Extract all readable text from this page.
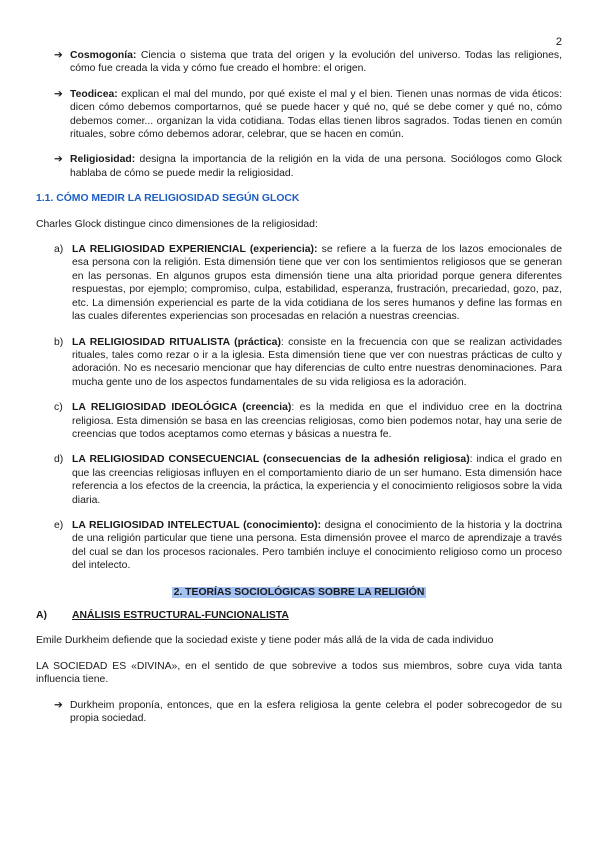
2
➔ Cosmogonía: Ciencia o sistema que trata del origen y la evolución del universo. Todas las religiones, cómo fue creada la vida y cómo fue creado el hombre: el origen.
➔ Teodicea: explican el mal del mundo, por qué existe el mal y el bien. Tienen unas normas de vida éticos: dicen cómo debemos comportarnos, qué se puede hacer y qué no, qué se debe comer y qué no, cómo debemos comer... organizan la vida cotidiana. Todas ellas tienen libros sagrados. Todas tienen en común rituales, sobre cómo debemos adorar, celebrar, que se hacen en común.
➔ Religiosidad: designa la importancia de la religión en la vida de una persona. Sociólogos como Glock hablaba de cómo se puede medir la religiosidad.
1.1. CÓMO MEDIR LA RELIGIOSIDAD SEGÚN GLOCK

Charles Glock distingue cinco dimensiones de la religiosidad:

a) LA RELIGIOSIDAD EXPERIENCIAL (experiencia): se refiere a la fuerza de los lazos emocionales de esa persona con la religión. Esta dimensión tiene que ver con los sentimientos religiosos que se generan en las personas. En algunos grupos esta dimensión tiene una alta prioridad porque genera diferentes respuestas, por ejemplo; compromiso, culpa, estabilidad, esperanza, frustración, precariedad, gozo, paz, etc. La dimensión experiencial es parte de la vida cotidiana de los seres humanos y define las formas en las cuales diferentes experiencias son procesadas en relación a nuestras creencias.
b) LA RELIGIOSIDAD RITUALISTA (práctica): consiste en la frecuencia con que se realizan actividades rituales, tales como rezar o ir a la iglesia. Esta dimensión tiene que ver con nuestras prácticas de culto y adoración. No es necesario mencionar que hay diferencias de culto entre nuestras denominaciones. Para mucha gente uno de los aspectos fundamentales de su vida religiosa es la adoración.
c) LA RELIGIOSIDAD IDEOLÓGICA (creencia): es la medida en que el individuo cree en la doctrina religiosa. Esta dimensión se basa en las creencias religiosas, como bien podemos notar, hay una serie de creencias que todos aceptamos como eternas y básicas a nuestra fe.
d) LA RELIGIOSIDAD CONSECUENCIAL (consecuencias de la adhesión religiosa): indica el grado en que las creencias religiosas influyen en el comportamiento diario de un ser humano. Esta dimensión hace referencia a los efectos de la creencia, la práctica, la experiencia y el conocimiento religiosos sobre la vida diaria.
e) LA RELIGIOSIDAD INTELECTUAL (conocimiento): designa el conocimiento de la historia y la doctrina de una religión particular que tiene una persona. Esta dimensión provee el marco de aprendizaje a través del cual se dan los procesos racionales. Pero también incluye el conocimiento religioso como un proceso del intelecto.
2. TEORÍAS SOCIOLÓGICAS SOBRE LA RELIGIÓN
A) ANÁLISIS ESTRUCTURAL-FUNCIONALISTA

Emile Durkheim defiende que la sociedad existe y tiene poder más allá de la vida de cada individuo

LA SOCIEDAD ES «DIVINA», en el sentido de que sobrevive a todos sus miembros, sobre cuya vida tanta influencia tiene.

➔ Durkheim proponía, entonces, que en la esfera religiosa la gente celebra el poder sobrecogedor de su propia sociedad.
